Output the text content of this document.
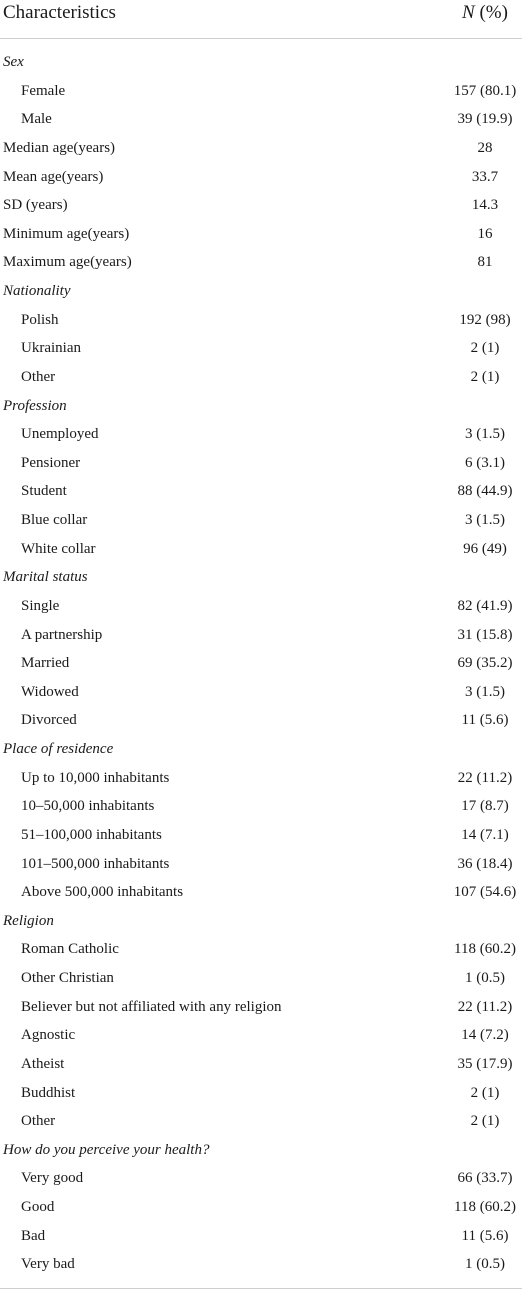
Characteristics	N (%)
Sex
Female	157 (80.1)
Male	39 (19.9)
Median age(years)	28
Mean age(years)	33.7
SD (years)	14.3
Minimum age(years)	16
Maximum age(years)	81
Nationality
Polish	192 (98)
Ukrainian	2 (1)
Other	2 (1)
Profession
Unemployed	3 (1.5)
Pensioner	6 (3.1)
Student	88 (44.9)
Blue collar	3 (1.5)
White collar	96 (49)
Marital status
Single	82 (41.9)
A partnership	31 (15.8)
Married	69 (35.2)
Widowed	3 (1.5)
Divorced	11 (5.6)
Place of residence
Up to 10,000 inhabitants	22 (11.2)
10–50,000 inhabitants	17 (8.7)
51–100,000 inhabitants	14 (7.1)
101–500,000 inhabitants	36 (18.4)
Above 500,000 inhabitants	107 (54.6)
Religion
Roman Catholic	118 (60.2)
Other Christian	1 (0.5)
Believer but not affiliated with any religion	22 (11.2)
Agnostic	14 (7.2)
Atheist	35 (17.9)
Buddhist	2 (1)
Other	2 (1)
How do you perceive your health?
Very good	66 (33.7)
Good	118 (60.2)
Bad	11 (5.6)
Very bad	1 (0.5)
